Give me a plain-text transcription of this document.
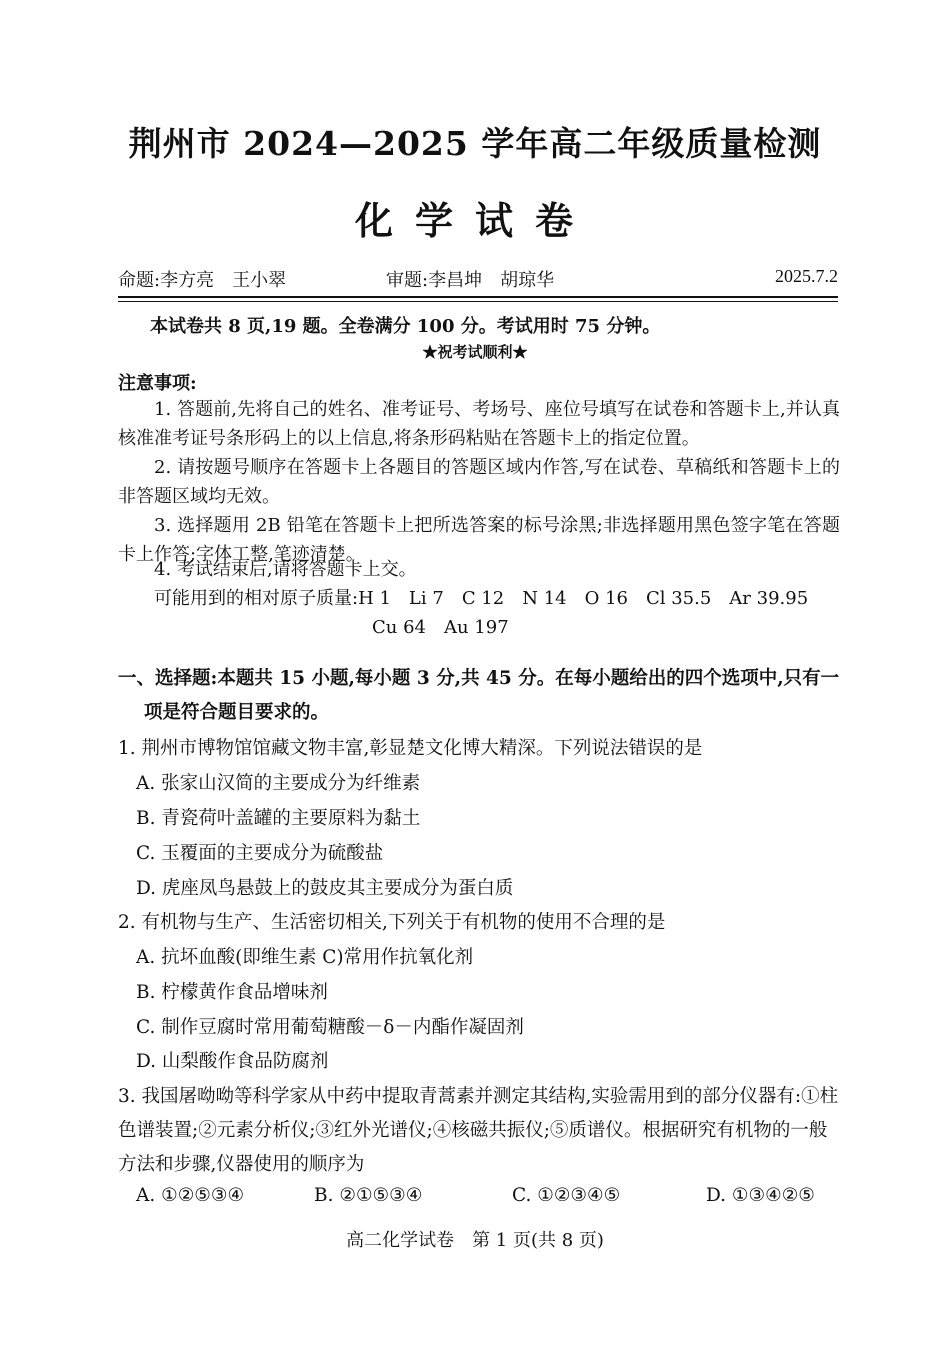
荆州市 2024—2025 学年高二年级质量检测
化学试卷
命题:李方亮　王小翠	审题:李昌坤　胡琼华	2025.7.2
本试卷共 8 页,19 题。全卷满分 100 分。考试用时 75 分钟。
★祝考试顺利★
注意事项:
1. 答题前,先将自己的姓名、准考证号、考场号、座位号填写在试卷和答题卡上,并认真核准准考证号条形码上的以上信息,将条形码粘贴在答题卡上的指定位置。
2. 请按题号顺序在答题卡上各题目的答题区域内作答,写在试卷、草稿纸和答题卡上的非答题区域均无效。
3. 选择题用 2B 铅笔在答题卡上把所选答案的标号涂黑;非选择题用黑色签字笔在答题卡上作答;字体工整,笔迹清楚。
4. 考试结束后,请将答题卡上交。
可能用到的相对原子质量:H 1　Li 7　C 12　N 14　O 16　Cl 35.5　Ar 39.95
Cu 64　Au 197
一、选择题:本题共 15 小题,每小题 3 分,共 45 分。在每小题给出的四个选项中,只有一
项是符合题目要求的。
1. 荆州市博物馆馆藏文物丰富,彰显楚文化博大精深。下列说法错误的是
A. 张家山汉简的主要成分为纤维素
B. 青瓷荷叶盖罐的主要原料为黏土
C. 玉覆面的主要成分为硫酸盐
D. 虎座凤鸟悬鼓上的鼓皮其主要成分为蛋白质
2. 有机物与生产、生活密切相关,下列关于有机物的使用不合理的是
A. 抗坏血酸(即维生素 C)常用作抗氧化剂
B. 柠檬黄作食品增味剂
C. 制作豆腐时常用葡萄糖酸－δ－内酯作凝固剂
D. 山梨酸作食品防腐剂
3. 我国屠呦呦等科学家从中药中提取青蒿素并测定其结构,实验需用到的部分仪器有:①柱色谱装置;②元素分析仪;③红外光谱仪;④核磁共振仪;⑤质谱仪。根据研究有机物的一般方法和步骤,仪器使用的顺序为
A. ①②⑤③④	B. ②①⑤③④	C. ①②③④⑤	D. ①③④②⑤
高二化学试卷　第 1 页(共 8 页)
